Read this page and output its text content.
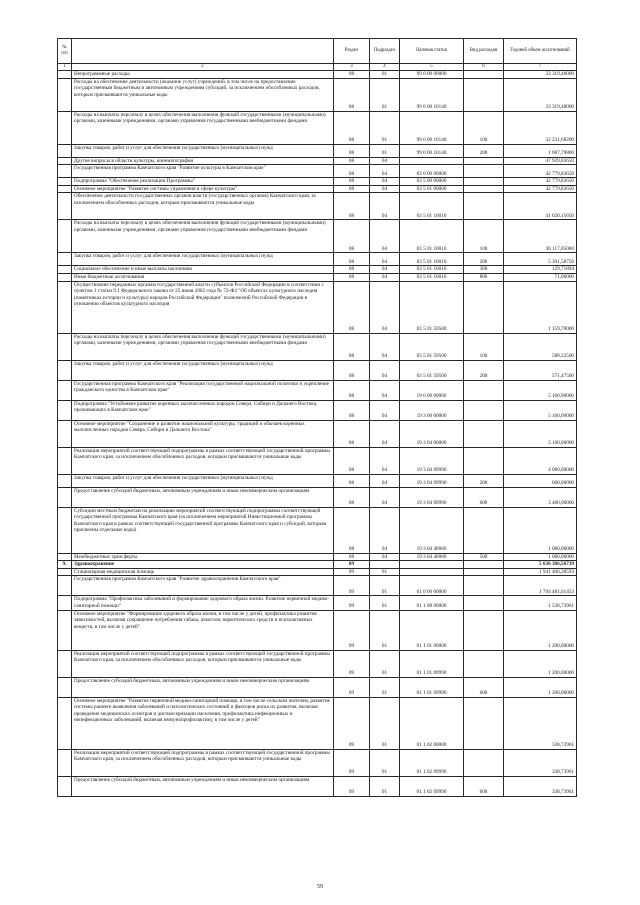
№ п/п		Раздел	Подраздел	Целевая статья	Вид расходов	Годовой объем ассигнований
1	2	3	4	5	6	7
	Непрограммные расходы	08	01	99 0 00 00000		33 319,48000
	Расходы на обеспечение деятельности (оказание услуг) учреждений, в том числе на предоставление государственным бюджетным и автономным учреждениям субсидий, за исключением обособленных расходов, которым присваиваются уникальные коды	08	01	99 0 00 10140		33 319,48000
	Расходы на выплаты персоналу в целях обеспечения выполнения функций государственными (муниципальными) органами, казенными учреждениями, органами управления государственными внебюджетными фондами	08	01	99 0 00 10140	100	32 231,68200
	Закупка товаров, работ и услуг для обеспечения государственных (муниципальных) нужд	08	01	99 0 00 10140	200	1 087,79800
	Другие вопросы в области культуры, кинематографии	08	04			47 939,83650
	Государственная программа Камчатского края "Развитие культуры в Камчатском крае"	08	04	03 0 00 00000		42 779,83650
	Подпрограмма "Обеспечение реализации Программы"	08	04	03 5 00 00000		42 779,83650
	Основное мероприятие "Развитие системы управления в сфере культуры"	08	04	03 5 01 00000		42 779,83650
	Обеспечение деятельности государственных органов власти (государственных органов) Камчатского края, за исключением обособленных расходов, которым присваиваются уникальные коды	08	04	03 5 01 10010		41 620,15650
	Расходы на выплаты персоналу в целях обеспечения выполнения функций государственными (муниципальными) органами, казенными учреждениями, органами управления государственными внебюджетными фондами	08	04	03 5 01 10010	100	36 117,85000
	Закупка товаров, работ и услуг для обеспечения государственных (муниципальных) нужд	08	04	03 5 01 10010	200	5 301,58756
	Социальное обеспечение и иные выплаты населению	08	04	03 5 01 10010	300	129,71894
	Иные бюджетные ассигнования	08	04	03 5 01 10010	800	71,00000
	Осуществление переданных органам государственной власти субъектов Российской Федерации в соответствии с пунктом 1 статьи 9.1 Федерального закона от 25 июня 2002 года № 73-ФЗ "Об объектах культурного наследия (памятниках истории и культуры) народов Российской Федерации" полномочий Российской Федерации в отношении объектов культурного наследия	08	04	03 5 01 59500		1 159,70000
	Расходы на выплаты персоналу в целях обеспечения выполнения функций государственными (муниципальными) органами, казенными учреждениями, органами управления государственными внебюджетными фондами	08	04	03 5 01 59500	100	588,22500
	Закупка товаров, работ и услуг для обеспечения государственных (муниципальных) нужд	08	04	03 5 01 59500	200	571,47500
	Государственная программа Камчатского края "Реализация государственной национальной политики и укрепление гражданского единства в Камчатском крае"	08	04	19 0 00 00000		5 160,00000
	Подпрограмма "Устойчивое развитие коренных малочисленных народов Севера, Сибири и Дальнего Востока, проживающих в Камчатском крае"	08	04	19 3 00 00000		5 160,00000
	Основное мероприятие "Сохранение и развитие национальной культуры, традиций и обычаев коренных малочисленных народов Севера, Сибири и Дальнего Востока"	08	04	19 3 04 00000		5 160,00000
	Реализация мероприятий соответствующей подпрограммы в рамках соответствующей государственной программы Камчатского края, за исключением обособленных расходов, которым присваиваются уникальные коды	08	04	19 3 04 09990		4 080,00000
	Закупка товаров, работ и услуг для обеспечения государственных (муниципальных) нужд	08	04	19 3 04 09990	200	600,00000
	Предоставление субсидий бюджетным, автономным учреждениям и иным некоммерческим организациям	08	04	19 3 04 09990	600	3 480,00000
	Субсидии местным бюджетам на реализацию мероприятий соответствующей подпрограммы соответствующей государственной программы Камчатского края (за исключением мероприятий Инвестиционной программы Камчатского края в рамках соответствующей государственной программы Камчатского края и субсидий, которым присвоены отдельные коды)	08	04	19 3 04 40060		1 080,00000
	Межбюджетные трансферты	08	04	19 3 04 40060	500	1 080,00000
9.	Здравоохранение	09				5 636 386,56739
	Стационарная медицинская помощь	09	01			1 941 406,28593
	Государственная программа Камчатского края "Развитие здравоохранения Камчатского края"	09	01	01 0 00 00000		1 794 481,01453
	Подпрограмма "Профилактика заболеваний и формирование здорового образа жизни. Развитие первичной медико-санитарной помощи"	09	01	01 1 00 00000		1 538,73961
	Основное мероприятие "Формирование здорового образа жизни, в том числе у детей, профилактика развития зависимостей, включая сокращение потребления табака, алкоголя, наркотических средств и психоактивных веществ, в том числе у детей"	09	01	01 1 01 00000		1 200,00000
	Реализация мероприятий соответствующей подпрограммы в рамках соответствующей государственной программы Камчатского края, за исключением обособленных расходов, которым присваиваются уникальные коды	09	01	01 1 01 09990		1 200,00000
	Предоставление субсидий бюджетным, автономным учреждениям и иным некоммерческим организациям	09	01	01 1 01 09990	600	1 200,00000
	Основное мероприятие "Развитие первичной медико-санитарной помощи, в том числе сельским жителям, развитие системы раннего выявления заболеваний и патологических состояний и факторов риска их развития, включая проведение медицинских осмотров и диспансеризации населения, профилактика инфекционных и неинфекционных заболеваний, включая иммунопрофилактику, в том числе у детей"	09	01	01 1 02 00000		338,73961
	Реализация мероприятий соответствующей подпрограммы в рамках соответствующей государственной программы Камчатского края, за исключением обособленных расходов, которым присваиваются уникальные коды	09	01	01 1 02 09990		338,73961
	Предоставление субсидий бюджетным, автономным учреждениям и иным некоммерческим организациям	09	01	01 1 02 09990	600	338,73961
59
